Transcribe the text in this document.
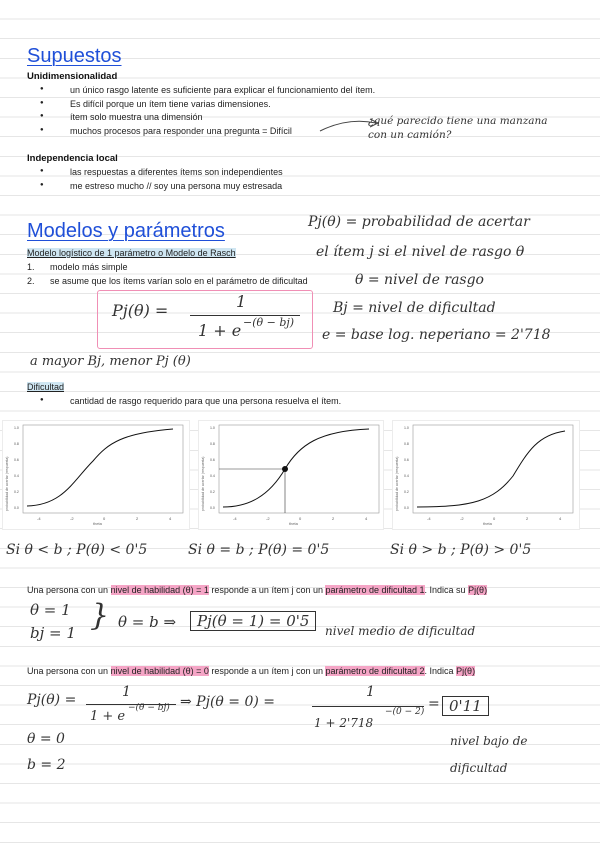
Supuestos
Unidimensionalidad
● un único rasgo latente es suficiente para explicar el funcionamiento del ítem.
● Es difícil porque un ítem tiene varias dimensiones.
● ítem solo muestra una dimensión
● muchos procesos para responder una pregunta = Difícil
¿qué parecido tiene una manzana con un camión?
Independencia local
● las respuestas a diferentes ítems son independientes
● me estreso mucho // soy una persona muy estresada
Modelos y parámetros
Modelo logístico de 1 parámetro o Modelo de Rasch
1. modelo más simple
2. se asume que los ítems varían solo en el parámetro de dificultad
Pj(θ) = probabilidad de acertar
el ítem j si el nivel de rasgo θ
θ = nivel de rasgo
Bj = nivel de dificultad
e = base log. neperiano = 2'718
Pj(θ) =	1
1 + e −(θ − bj)
a mayor Bj, menor Pj (θ)
Dificultad
● cantidad de rasgo requerido para que una persona resuelva el ítem.
-4	-2	0	2	4
0.0
0.2
0.4
0.6
0.8
1.0
probabilidad de acertar (respuesta)
theta
-4	-2	0	2	4
0.0
0.2
0.4
0.6
0.8
1.0
probabilidad de acertar (respuesta)
theta
-4	-2	0	2	4
0.0
0.2
0.4
0.6
0.8
1.0
probabilidad de acertar (respuesta)
theta
Si θ < b ; P(θ) < 0'5	Si θ = b ; P(θ) = 0'5	Si θ > b ; P(θ) > 0'5
Una persona con un nivel de habilidad (θ) = 1 responde a un ítem j con un parámetro de dificultad 1. Indica su Pj(θ)
θ = 1
bj = 1 } θ = b ⇒	Pj(θ = 1) = 0'5
nivel medio de dificultad
Una persona con un nivel de habilidad (θ) = 0 responde a un ítem j con un parámetro de dificultad 2. Indica Pj(θ)
Pj(θ) =	1
1 + e
−(θ − bj) ⇒ Pj(θ = 0) =
1
1 + 2'718
−(0 − 2) = 0'11
θ = 0
b = 2
nivel bajo de
dificultad
